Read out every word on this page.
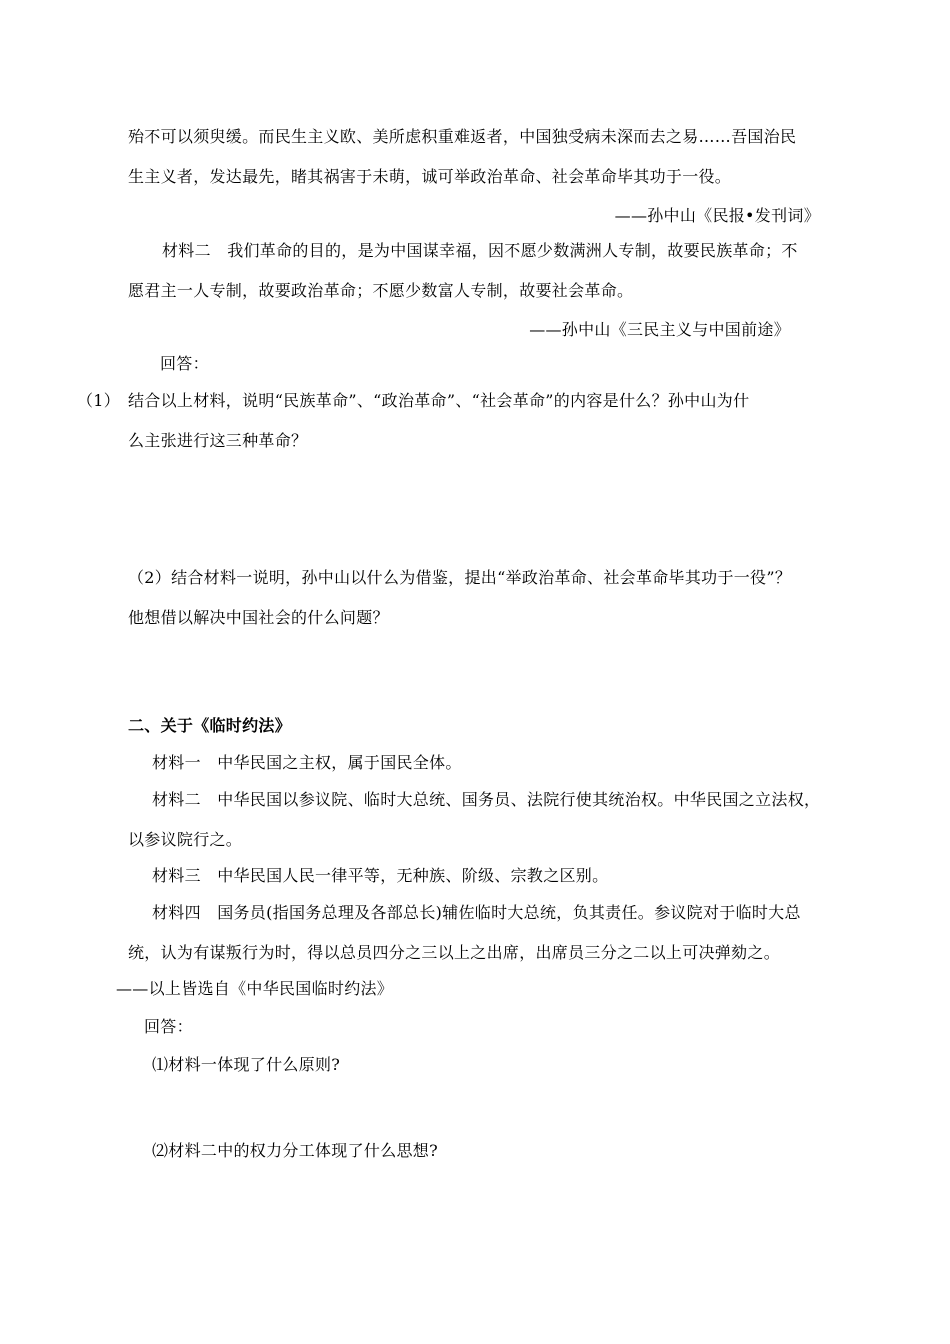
殆不可以须臾缓。而民生主义欧、美所虑积重难返者，中国独受病未深而去之易……吾国治民
生主义者，发达最先，睹其祸害于未萌，诚可举政治革命、社会革命毕其功于一役。
——孙中山《民报•发刊词》
材料二　我们革命的目的，是为中国谋幸福，因不愿少数满洲人专制，故要民族革命；不
愿君主一人专制，故要政治革命；不愿少数富人专制，故要社会革命。
——孙中山《三民主义与中国前途》
回答：
（1） 结合以上材料，说明“民族革命”、“政治革命”、“社会革命”的内容是什么？孙中山为什
么主张进行这三种革命？
（2）结合材料一说明，孙中山以什么为借鉴，提出“举政治革命、社会革命毕其功于一役”？
他想借以解决中国社会的什么问题？
二、关于《临时约法》
材料一　中华民国之主权，属于国民全体。
材料二　中华民国以参议院、临时大总统、国务员、法院行使其统治权。中华民国之立法权，
以参议院行之。
材料三　中华民国人民一律平等，无种族、阶级、宗教之区别。
材料四　国务员(指国务总理及各部总长)辅佐临时大总统，负其责任。参议院对于临时大总
统，认为有谋叛行为时，得以总员四分之三以上之出席，出席员三分之二以上可决弹劾之。
——以上皆选自《中华民国临时约法》
回答：
⑴材料一体现了什么原则?
⑵材料二中的权力分工体现了什么思想?
